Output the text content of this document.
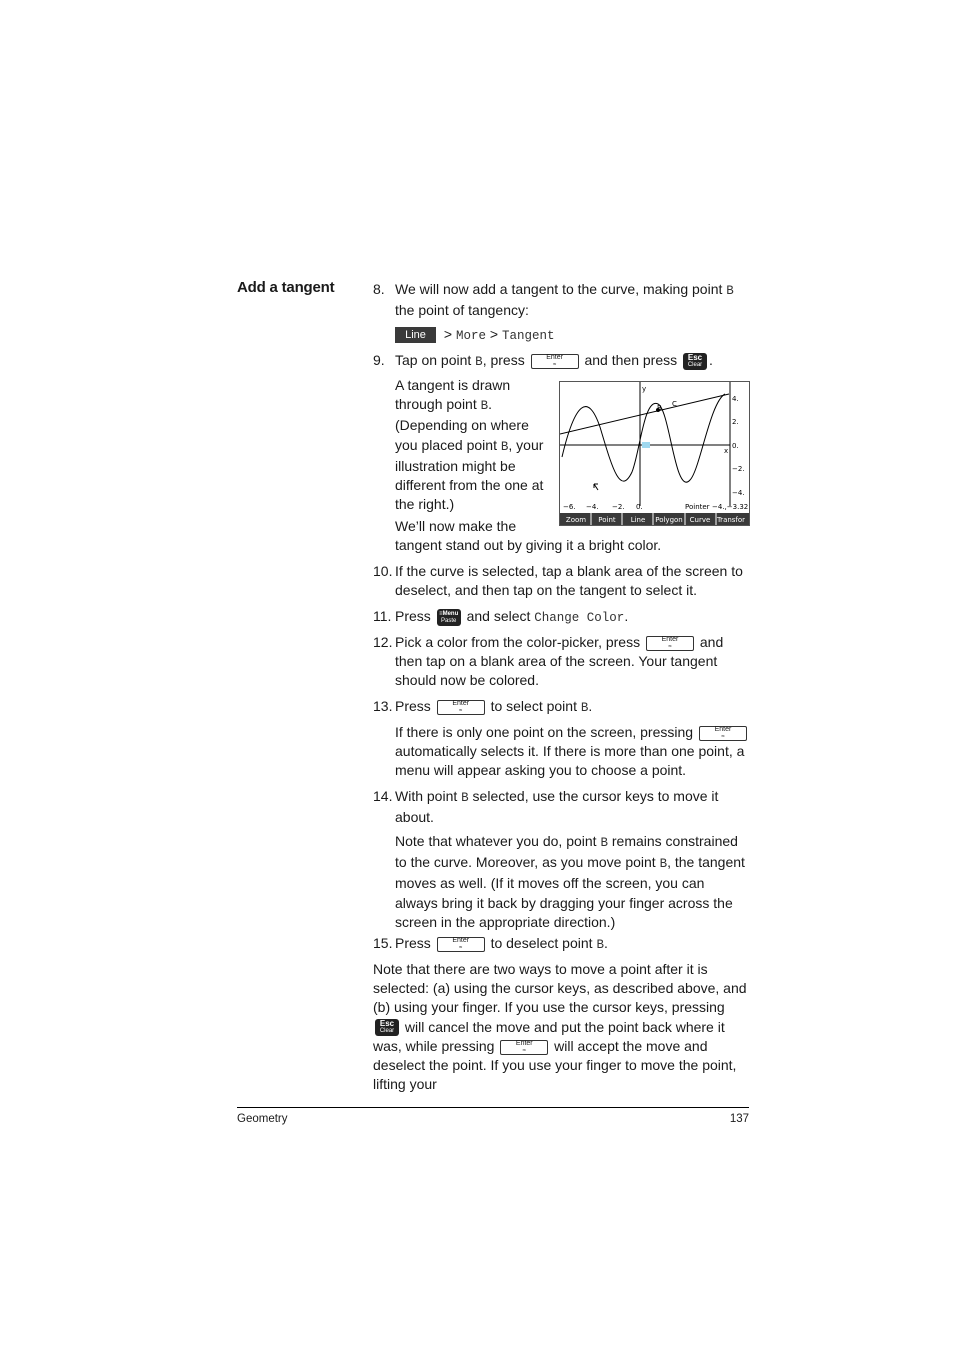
Add a tangent	8. We will now add a tangent to the curve, making point B the point of tangency:
Line > More > Tangent
9. Tap on point B, press	Enter
≈	and then press Esc
Clear .
A tangent is drawn
through point B.
(Depending on where
you placed point B, your
illustration might be
different from the one at
the right.)
We’ll now make the
tangent stand out by giving it a bright color.
y
x
B C
4.
2.
0.
−2.
−4.
−6. −4. −2. 0.	Pointer −4.,−3.32
Zoom Point Line Polygon Curve Transfor
10. If the curve is selected, tap a blank area of the screen to deselect, and then tap on the tangent to select it.
11. Press ≡Menu
Paste and select Change Color.
12. Pick a color from the color-picker, press	Enter
≈	and then tap on a blank area of the screen. Your tangent should now be colored.
13. Press	Enter
≈	to select point B.
If there is only one point on the screen, pressing	Enter
≈
automatically selects it. If there is more than one point, a menu will appear asking you to choose a point.
14. With point B selected, use the cursor keys to move it about.
Note that whatever you do, point B remains constrained to the curve. Moreover, as you move point B, the tangent moves as well. (If it moves off the screen, you can always bring it back by dragging your finger across the screen in the appropriate direction.)
15. Press	Enter
≈	to deselect point B.
Note that there are two ways to move a point after it is selected: (a) using the cursor keys, as described above, and (b) using your finger. If you use the cursor keys, pressing
Esc
Clear will cancel the move and put the point back where it was, while pressing	Enter
≈	will accept the move and deselect the point. If you use your finger to move the point, lifting your
Geometry	137
